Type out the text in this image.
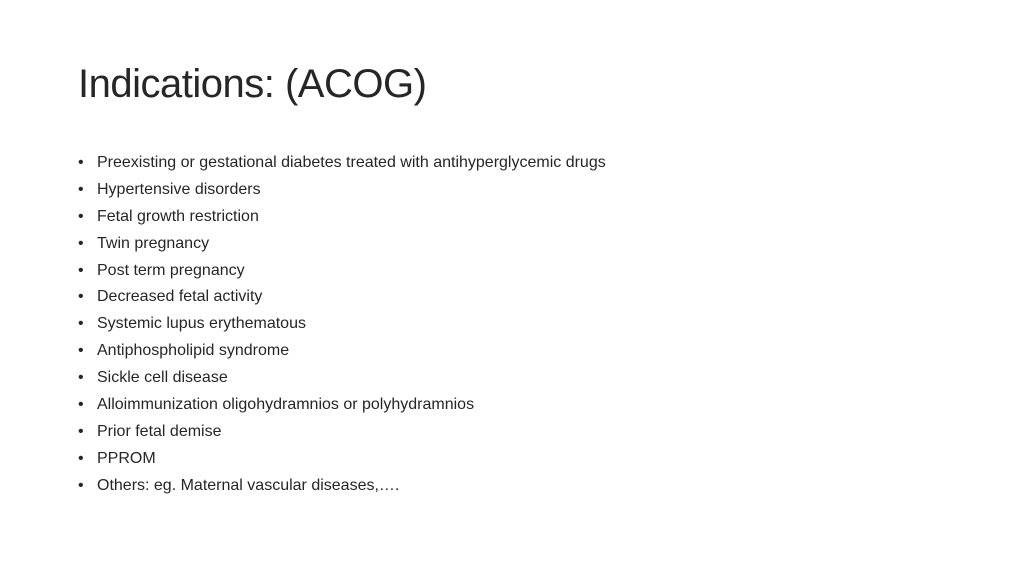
Indications: (ACOG)
• Preexisting or gestational diabetes treated with antihyperglycemic drugs
• Hypertensive disorders
• Fetal growth restriction
• Twin pregnancy
• Post term pregnancy
• Decreased fetal activity
• Systemic lupus erythematous
• Antiphospholipid syndrome
• Sickle cell disease
• Alloimmunization oligohydramnios or polyhydramnios
• Prior fetal demise
• PPROM
• Others: eg. Maternal vascular diseases,….
